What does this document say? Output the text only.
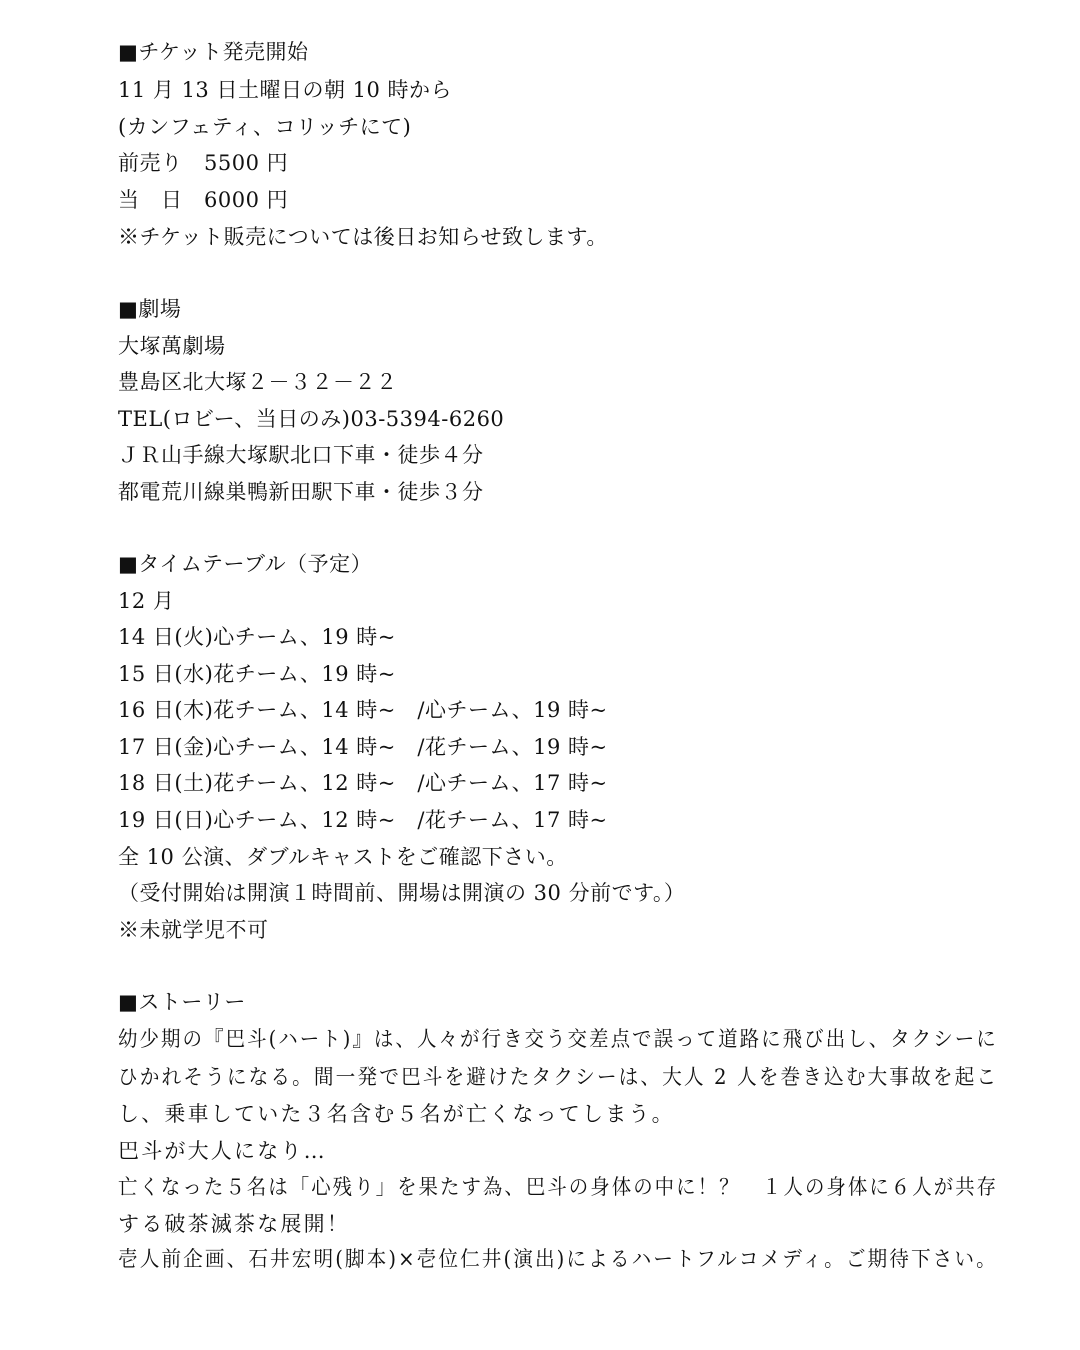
■チケット発売開始
11 月 13 日土曜日の朝 10 時から
(カンフェティ、コリッチにて)
前売り　5500 円
当　日　6000 円
※チケット販売については後日お知らせ致します。
■劇場
大塚萬劇場
豊島区北大塚２－３２－２２
TEL(ロビー、当日のみ)03-5394-6260
ＪＲ山手線大塚駅北口下車・徒歩４分
都電荒川線巣鴨新田駅下車・徒歩３分
■タイムテーブル（予定）
12 月
14 日(火)心チーム、19 時~
15 日(水)花チーム、19 時~
16 日(木)花チーム、14 時~　/心チーム、19 時~
17 日(金)心チーム、14 時~　/花チーム、19 時~
18 日(土)花チーム、12 時~　/心チーム、17 時~
19 日(日)心チーム、12 時~　/花チーム、17 時~
全 10 公演、ダブルキャストをご確認下さい。
（受付開始は開演１時間前、開場は開演の 30 分前です。）
※未就学児不可
■ストーリー
幼少期の『巴斗(ハート)』は、人々が行き交う交差点で誤って道路に飛び出し、タクシーに
ひかれそうになる。間一発で巴斗を避けたタクシーは、大人 2 人を巻き込む大事故を起こ
し、乗車していた３名含む５名が亡くなってしまう。
巴斗が大人になり…
亡くなった５名は「心残り」を果たす為、巴斗の身体の中に！？　１人の身体に６人が共存
する破茶滅茶な展開！
壱人前企画、石井宏明(脚本)×壱位仁井(演出)によるハートフルコメディ。ご期待下さい。
